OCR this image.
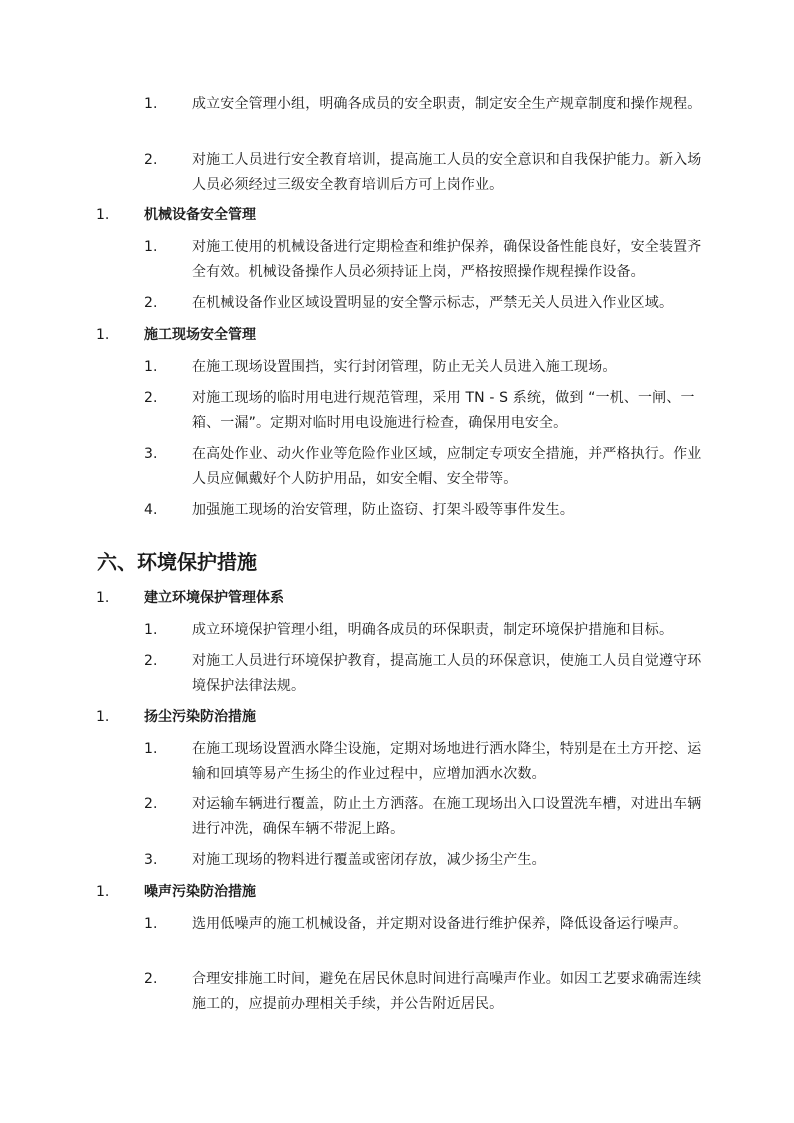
1. 成立安全管理小组，明确各成员的安全职责，制定安全生产规章制度和操作规程。
2. 对施工人员进行安全教育培训，提高施工人员的安全意识和自我保护能力。新入场人员必须经过三级安全教育培训后方可上岗作业。
1. 机械设备安全管理
1. 对施工使用的机械设备进行定期检查和维护保养，确保设备性能良好，安全装置齐全有效。机械设备操作人员必须持证上岗，严格按照操作规程操作设备。
2. 在机械设备作业区域设置明显的安全警示标志，严禁无关人员进入作业区域。
1. 施工现场安全管理
1. 在施工现场设置围挡，实行封闭管理，防止无关人员进入施工现场。
2. 对施工现场的临时用电进行规范管理，采用 TN - S 系统，做到 “一机、一闸、一箱、一漏”。定期对临时用电设施进行检查，确保用电安全。
3. 在高处作业、动火作业等危险作业区域，应制定专项安全措施，并严格执行。作业人员应佩戴好个人防护用品，如安全帽、安全带等。
4. 加强施工现场的治安管理，防止盗窃、打架斗殴等事件发生。
六、环境保护措施
1. 建立环境保护管理体系
1. 成立环境保护管理小组，明确各成员的环保职责，制定环境保护措施和目标。
2. 对施工人员进行环境保护教育，提高施工人员的环保意识，使施工人员自觉遵守环境保护法律法规。
1. 扬尘污染防治措施
1. 在施工现场设置洒水降尘设施，定期对场地进行洒水降尘，特别是在土方开挖、运输和回填等易产生扬尘的作业过程中，应增加洒水次数。
2. 对运输车辆进行覆盖，防止土方洒落。在施工现场出入口设置洗车槽，对进出车辆进行冲洗，确保车辆不带泥上路。
3. 对施工现场的物料进行覆盖或密闭存放，减少扬尘产生。
1. 噪声污染防治措施
1. 选用低噪声的施工机械设备，并定期对设备进行维护保养，降低设备运行噪声。
2. 合理安排施工时间，避免在居民休息时间进行高噪声作业。如因工艺要求确需连续施工的，应提前办理相关手续，并公告附近居民。
